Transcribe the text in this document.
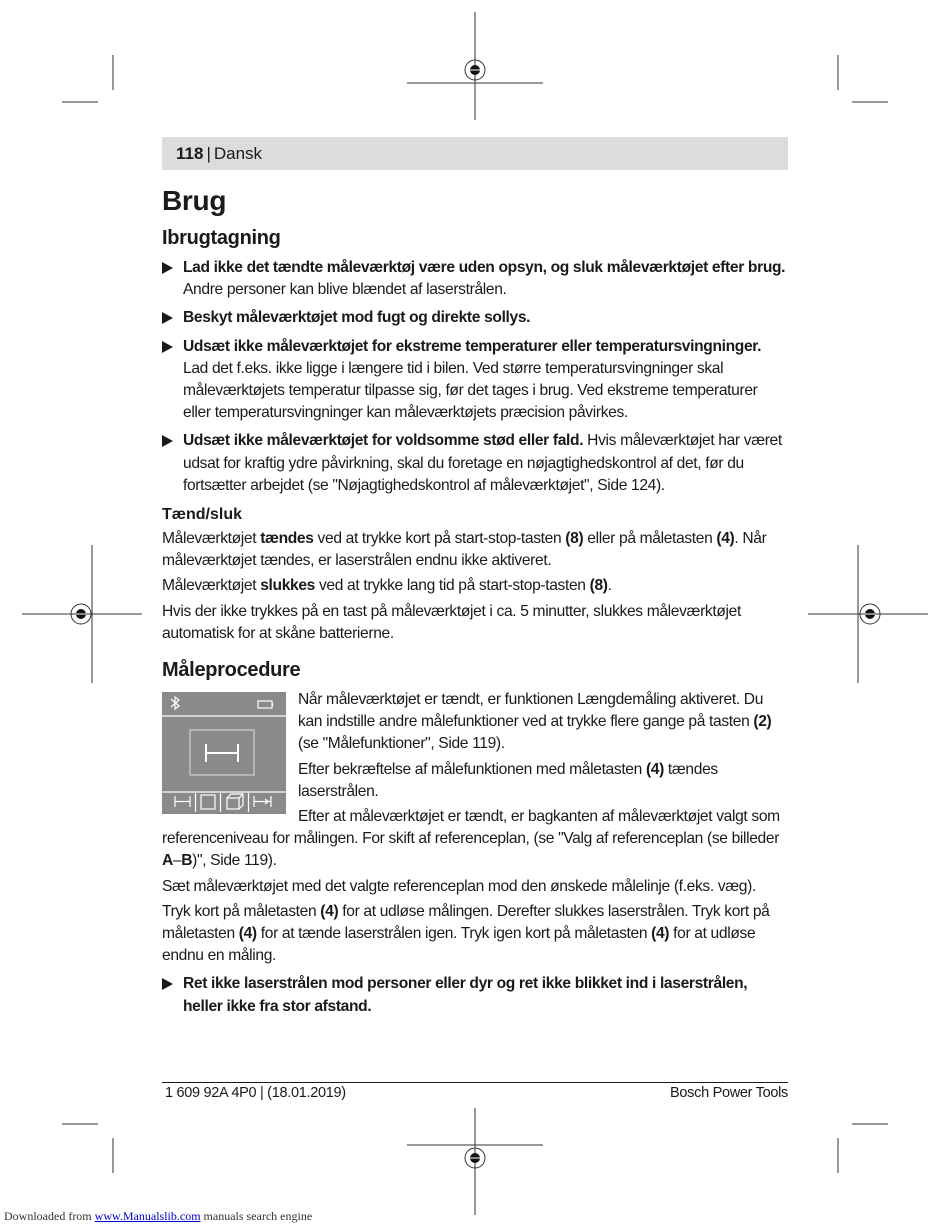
118 | Dansk
Brug
Ibrugtagning
Lad ikke det tændte måleværktøj være uden opsyn, og sluk måleværktøjet efter brug. Andre personer kan blive blændet af laserstrålen.
Beskyt måleværktøjet mod fugt og direkte sollys.
Udsæt ikke måleværktøjet for ekstreme temperaturer eller temperatursvingninger. Lad det f.eks. ikke ligge i længere tid i bilen. Ved større temperatursvingninger skal måleværktøjets temperatur tilpasse sig, før det tages i brug. Ved ekstreme temperaturer eller temperatursvingninger kan måleværktøjets præcision påvirkes.
Udsæt ikke måleværktøjet for voldsomme stød eller fald. Hvis måleværktøjet har været udsat for kraftig ydre påvirkning, skal du foretage en nøjagtighedskontrol af det, før du fortsætter arbejdet (se "Nøjagtighedskontrol af måleværktøjet", Side 124).
Tænd/sluk

Måleværktøjet tændes ved at trykke kort på start-stop-tasten (8) eller på måletasten (4). Når måleværktøjet tændes, er laserstrålen endnu ikke aktiveret.

Måleværktøjet slukkes ved at trykke lang tid på start-stop-tasten (8).

Hvis der ikke trykkes på en tast på måleværktøjet i ca. 5 minutter, slukkes måleværktøjet automatisk for at skåne batterierne.

Måleprocedure

Når måleværktøjet er tændt, er funktionen Længdemåling aktiveret. Du kan indstille andre målefunktioner ved at trykke flere gange på tasten (2) (se "Målefunktioner", Side 119).

Efter bekræftelse af målefunktionen med måletasten (4) tændes laserstrålen.

Efter at måleværktøjet er tændt, er bagkanten af måleværktøjet valgt som referenceniveau for målingen. For skift af referenceplan, (se "Valg af referenceplan (se billeder A–B)", Side 119).

Sæt måleværktøjet med det valgte referenceplan mod den ønskede målelinje (f.eks. væg).

Tryk kort på måletasten (4) for at udløse målingen. Derefter slukkes laserstrålen. Tryk kort på måletasten (4) for at tænde laserstrålen igen. Tryk igen kort på måletasten (4) for at udløse endnu en måling.

Ret ikke laserstrålen mod personer eller dyr og ret ikke blikket ind i laserstrålen, heller ikke fra stor afstand.
1 609 92A 4P0 | (18.01.2019)	Bosch Power Tools
Downloaded from www.Manualslib.com manuals search engine
